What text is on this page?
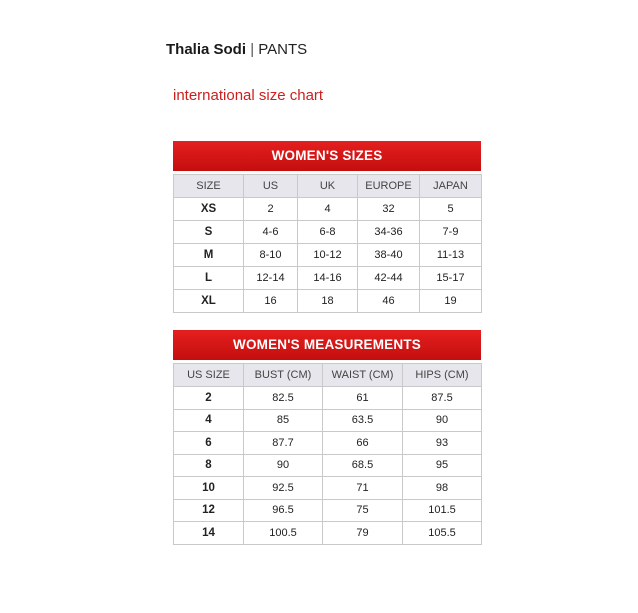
Thalia Sodi | PANTS
international size chart
WOMEN'S SIZES
SIZE	US	UK	EUROPE	JAPAN
XS	2	4	32	5
S	4-6	6-8	34-36	7-9
M	8-10	10-12	38-40	11-13
L	12-14	14-16	42-44	15-17
XL	16	18	46	19
WOMEN'S MEASUREMENTS
US SIZE	BUST (CM)	WAIST (CM)	HIPS (CM)
2	82.5	61	87.5
4	85	63.5	90
6	87.7	66	93
8	90	68.5	95
10	92.5	71	98
12	96.5	75	101.5
14	100.5	79	105.5
